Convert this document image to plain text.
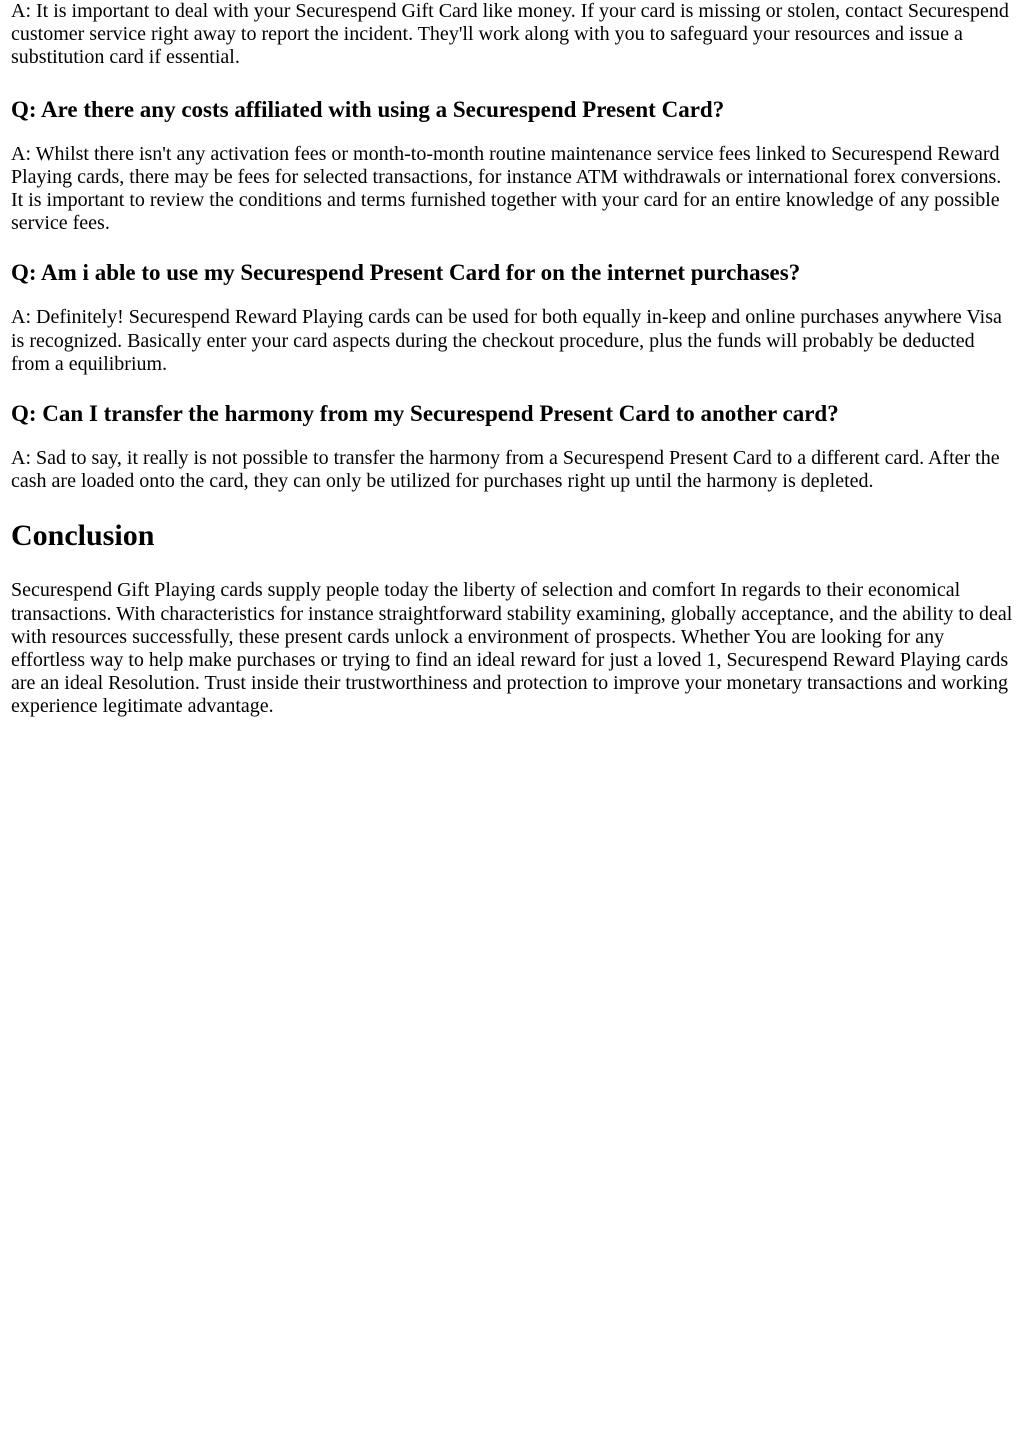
A: It is important to deal with your Securespend Gift Card like money. If your card is missing or stolen, contact Securespend customer service right away to report the incident. They'll work along with you to safeguard your resources and issue a substitution card if essential.

Q: Are there any costs affiliated with using a Securespend Present Card?

A: Whilst there isn't any activation fees or month-to-month routine maintenance service fees linked to Securespend Reward Playing cards, there may be fees for selected transactions, for instance ATM withdrawals or international forex conversions. It is important to review the conditions and terms furnished together with your card for an entire knowledge of any possible service fees.

Q: Am i able to use my Securespend Present Card for on the internet purchases?

A: Definitely! Securespend Reward Playing cards can be used for both equally in-keep and online purchases anywhere Visa is recognized. Basically enter your card aspects during the checkout procedure, plus the funds will probably be deducted from a equilibrium.

Q: Can I transfer the harmony from my Securespend Present Card to another card?

A: Sad to say, it really is not possible to transfer the harmony from a Securespend Present Card to a different card. After the cash are loaded onto the card, they can only be utilized for purchases right up until the harmony is depleted.

Conclusion

Securespend Gift Playing cards supply people today the liberty of selection and comfort In regards to their economical transactions. With characteristics for instance straightforward stability examining, globally acceptance, and the ability to deal with resources successfully, these present cards unlock a environment of prospects. Whether You are looking for any effortless way to help make purchases or trying to find an ideal reward for just a loved 1, Securespend Reward Playing cards are an ideal Resolution. Trust inside their trustworthiness and protection to improve your monetary transactions and working experience legitimate advantage.
